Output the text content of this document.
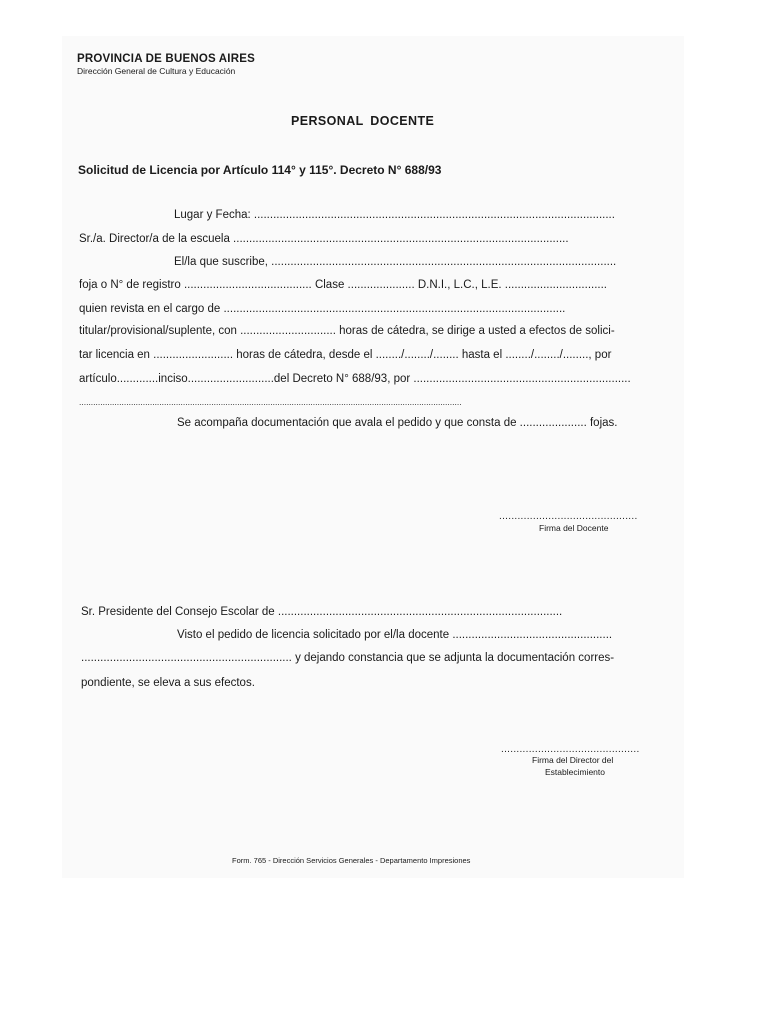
PROVINCIA DE BUENOS AIRES
Dirección General de Cultura y Educación
PERSONAL DOCENTE
Solicitud de Licencia por Artículo 114° y 115°. Decreto N° 688/93
Lugar y Fecha: .................................................................................................................
Sr./a. Director/a de la escuela .........................................................................................................
El/la que suscribe, ............................................................................................................
foja o N° de registro ........................................ Clase ..................... D.N.I., L.C., L.E. ................................
quien revista en el cargo de ...........................................................................................................
titular/provisional/suplente, con .............................. horas de cátedra, se dirige a usted a efectos de solici-
tar licencia en ......................... horas de cátedra, desde el ......../......../........ hasta el ......../......../........, por
artículo.............inciso...........................del Decreto N° 688/93, por ....................................................................
..................................................................................................................................................................
Se acompaña documentación que avala el pedido y que consta de ..................... fojas.
.............................................
Firma del Docente
Sr. Presidente del Consejo Escolar de .........................................................................................
Visto el pedido de licencia solicitado por el/la docente ..................................................
.................................................................. y dejando constancia que se adjunta la documentación corres-
pondiente, se eleva a sus efectos.
.............................................
Firma del Director del
Establecimiento
Form. 765 - Dirección Servicios Generales - Departamento Impresiones
